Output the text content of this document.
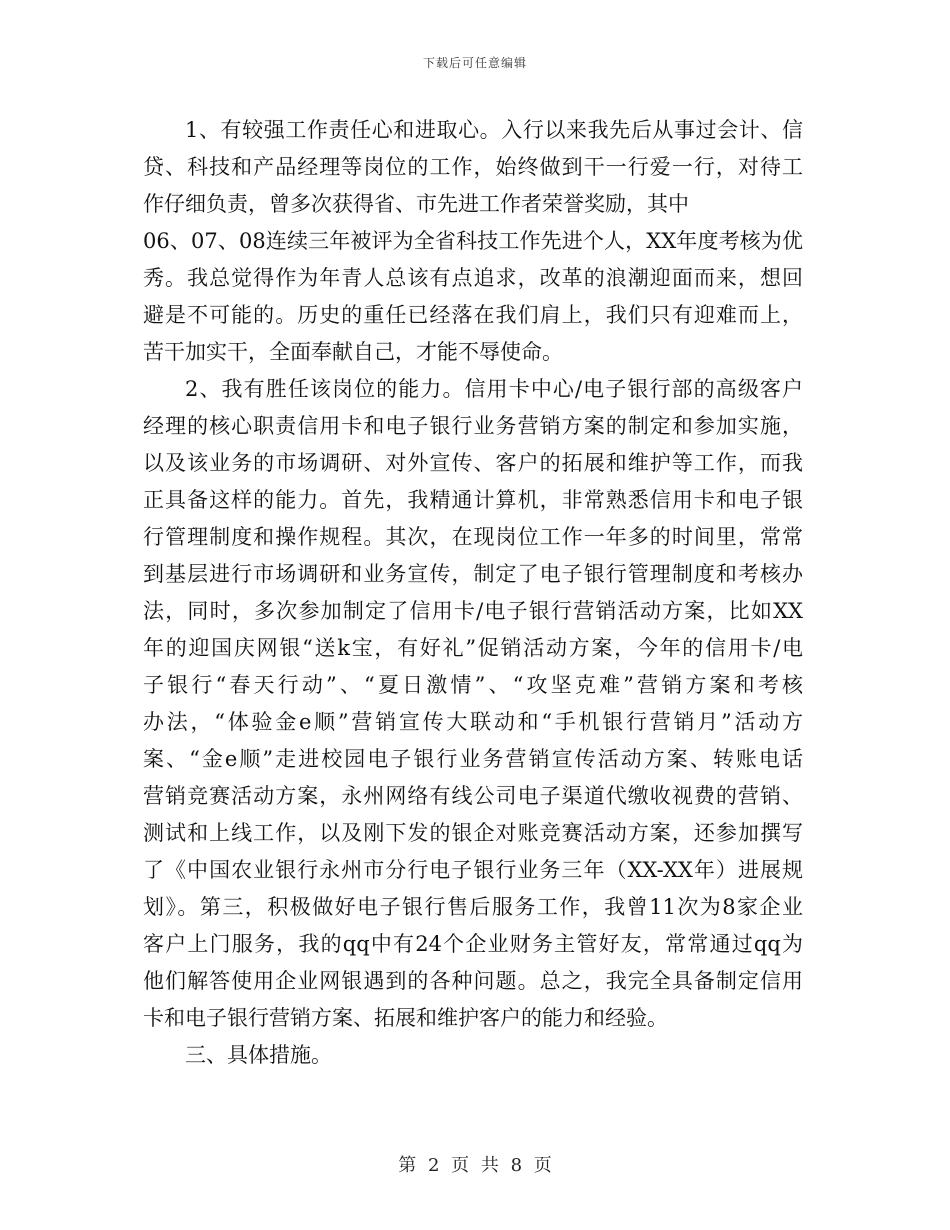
下载后可任意编辑
1、有较强工作责任心和进取心。入行以来我先后从事过会计、信
贷、科技和产品经理等岗位的工作，始终做到干一行爱一行，对待工
作仔细负责，曾多次获得省、市先进工作者荣誉奖励，其中
06、07、08连续三年被评为全省科技工作先进个人，XX年度考核为优
秀。我总觉得作为年青人总该有点追求，改革的浪潮迎面而来，想回
避是不可能的。历史的重任已经落在我们肩上，我们只有迎难而上，
苦干加实干，全面奉献自己，才能不辱使命。
2、我有胜任该岗位的能力。信用卡中心/电子银行部的高级客户
经理的核心职责信用卡和电子银行业务营销方案的制定和参加实施，
以及该业务的市场调研、对外宣传、客户的拓展和维护等工作，而我
正具备这样的能力。首先，我精通计算机，非常熟悉信用卡和电子银
行管理制度和操作规程。其次，在现岗位工作一年多的时间里，常常
到基层进行市场调研和业务宣传，制定了电子银行管理制度和考核办
法，同时，多次参加制定了信用卡/电子银行营销活动方案，比如XX
年的迎国庆网银“送k宝，有好礼”促销活动方案，今年的信用卡/电
子银行“春天行动”、“夏日激情”、“攻坚克难”营销方案和考核
办法，“体验金e顺”营销宣传大联动和“手机银行营销月”活动方
案、“金e顺”走进校园电子银行业务营销宣传活动方案、转账电话
营销竞赛活动方案，永州网络有线公司电子渠道代缴收视费的营销、
测试和上线工作，以及刚下发的银企对账竞赛活动方案，还参加撰写
了《中国农业银行永州市分行电子银行业务三年（XX-XX年）进展规
划》。第三，积极做好电子银行售后服务工作，我曾11次为8家企业
客户上门服务，我的qq中有24个企业财务主管好友，常常通过qq为
他们解答使用企业网银遇到的各种问题。总之，我完全具备制定信用
卡和电子银行营销方案、拓展和维护客户的能力和经验。
三、具体措施。
第 2 页 共 8 页
